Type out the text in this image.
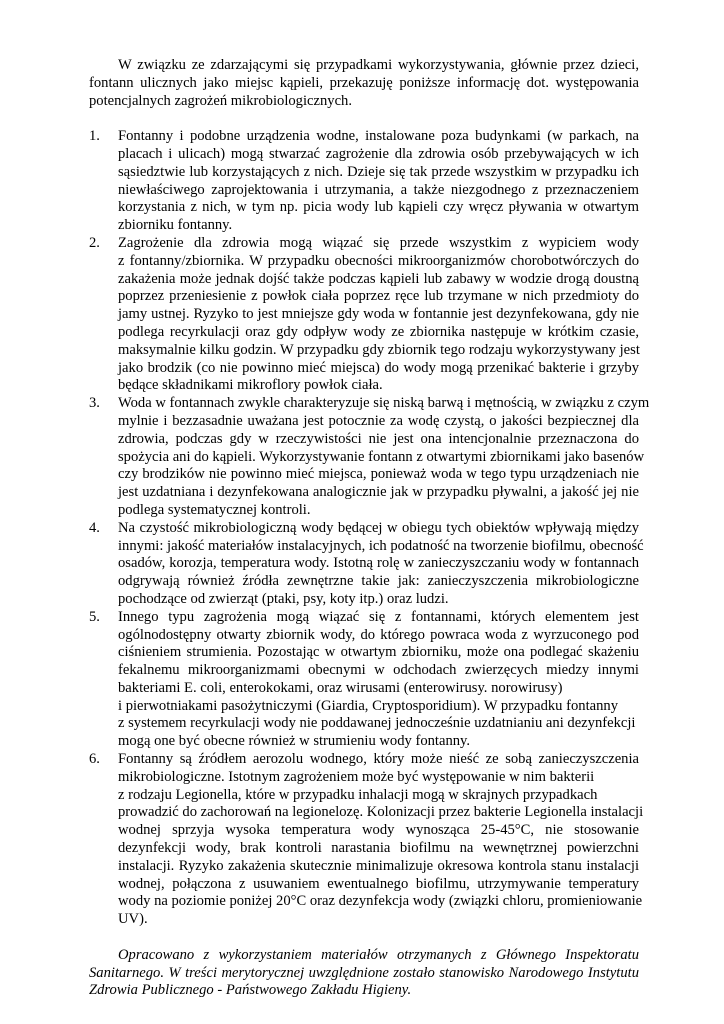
W związku ze zdarzającymi się przypadkami wykorzystywania, głównie przez dzieci,
fontann ulicznych jako miejsc kąpieli, przekazuję poniższe informację dot. występowania
potencjalnych zagrożeń mikrobiologicznych.
1. Fontanny i podobne urządzenia wodne, instalowane poza budynkami (w parkach, na
placach i ulicach) mogą stwarzać zagrożenie dla zdrowia osób przebywających w ich
sąsiedztwie lub korzystających z nich. Dzieje się tak przede wszystkim w przypadku ich
niewłaściwego zaprojektowania i utrzymania, a także niezgodnego z przeznaczeniem
korzystania z nich, w tym np. picia wody lub kąpieli czy wręcz pływania w otwartym
zbiorniku fontanny.
2. Zagrożenie dla zdrowia mogą wiązać się przede wszystkim z wypiciem wody
z fontanny/zbiornika. W przypadku obecności mikroorganizmów chorobotwórczych do
zakażenia może jednak dojść także podczas kąpieli lub zabawy w wodzie drogą doustną
poprzez przeniesienie z powłok ciała poprzez ręce lub trzymane w nich przedmioty do
jamy ustnej. Ryzyko to jest mniejsze gdy woda w fontannie jest dezynfekowana, gdy nie
podlega recyrkulacji oraz gdy odpływ wody ze zbiornika następuje w krótkim czasie,
maksymalnie kilku godzin. W przypadku gdy zbiornik tego rodzaju wykorzystywany jest
jako brodzik (co nie powinno mieć miejsca) do wody mogą przenikać bakterie i grzyby
będące składnikami mikroflory powłok ciała.
3. Woda w fontannach zwykle charakteryzuje się niską barwą i mętnością, w związku z czym
mylnie i bezzasadnie uważana jest potocznie za wodę czystą, o jakości bezpiecznej dla
zdrowia, podczas gdy w rzeczywistości nie jest ona intencjonalnie przeznaczona do
spożycia ani do kąpieli. Wykorzystywanie fontann z otwartymi zbiornikami jako basenów
czy brodzików nie powinno mieć miejsca, ponieważ woda w tego typu urządzeniach nie
jest uzdatniana i dezynfekowana analogicznie jak w przypadku pływalni, a jakość jej nie
podlega systematycznej kontroli.
4. Na czystość mikrobiologiczną wody będącej w obiegu tych obiektów wpływają między
innymi: jakość materiałów instalacyjnych, ich podatność na tworzenie biofilmu, obecność
osadów, korozja, temperatura wody. Istotną rolę w zanieczyszczaniu wody w fontannach
odgrywają również źródła zewnętrzne takie jak: zanieczyszczenia mikrobiologiczne
pochodzące od zwierząt (ptaki, psy, koty itp.) oraz ludzi.
5. Innego typu zagrożenia mogą wiązać się z fontannami, których elementem jest
ogólnodostępny otwarty zbiornik wody, do którego powraca woda z wyrzuconego pod
ciśnieniem strumienia. Pozostając w otwartym zbiorniku, może ona podlegać skażeniu
fekalnemu mikroorganizmami obecnymi w odchodach zwierzęcych miedzy innymi
bakteriami E. coli, enterokokami, oraz wirusami (enterowirusy. norowirusy)
i pierwotniakami pasożytniczymi (Giardia, Cryptosporidium). W przypadku fontanny
z systemem recyrkulacji wody nie poddawanej jednocześnie uzdatnianiu ani dezynfekcji
mogą one być obecne również w strumieniu wody fontanny.
6. Fontanny są źródłem aerozolu wodnego, który może nieść ze sobą zanieczyszczenia
mikrobiologiczne. Istotnym zagrożeniem może być występowanie w nim bakterii
z rodzaju Legionella, które w przypadku inhalacji mogą w skrajnych przypadkach
prowadzić do zachorowań na legionelozę. Kolonizacji przez bakterie Legionella instalacji
wodnej sprzyja wysoka temperatura wody wynosząca 25-45°C, nie stosowanie
dezynfekcji wody, brak kontroli narastania biofilmu na wewnętrznej powierzchni
instalacji. Ryzyko zakażenia skutecznie minimalizuje okresowa kontrola stanu instalacji
wodnej, połączona z usuwaniem ewentualnego biofilmu, utrzymywanie temperatury
wody na poziomie poniżej 20°C oraz dezynfekcja wody (związki chloru, promieniowanie
UV).
Opracowano z wykorzystaniem materiałów otrzymanych z Głównego Inspektoratu
Sanitarnego. W treści merytorycznej uwzględnione zostało stanowisko Narodowego Instytutu
Zdrowia Publicznego - Państwowego Zakładu Higieny.
